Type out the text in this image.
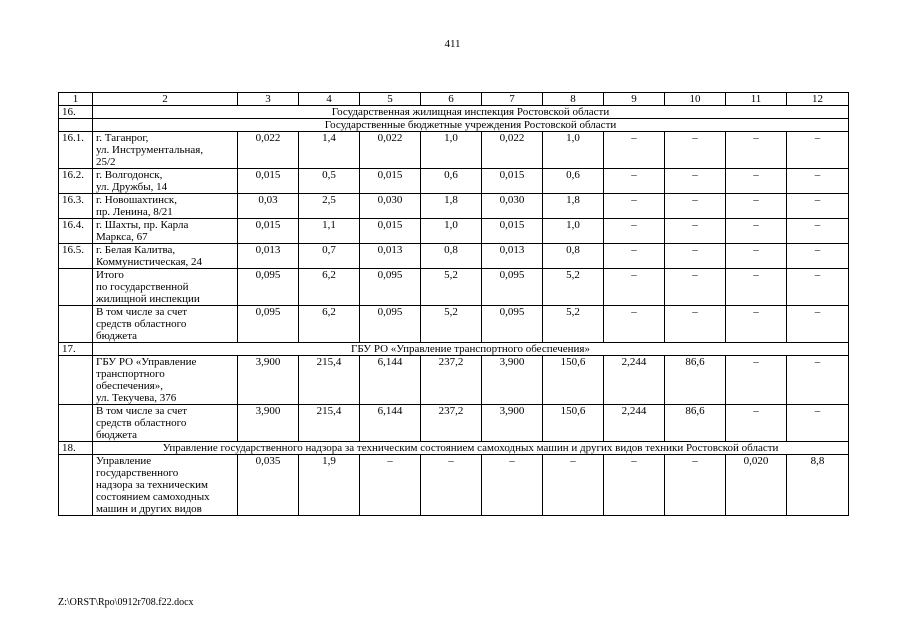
411
1	2	3	4	5	6	7	8	9	10	11	12
16.	Государственная жилищная инспекция Ростовской области										
	Государственные бюджетные учреждения Ростовской области										
16.1.	г. Таганрог,
ул. Инструментальная,
25/2	0,022	1,4	0,022	1,0	0,022	1,0	–	–	–	–
16.2.	г. Волгодонск,
ул. Дружбы, 14	0,015	0,5	0,015	0,6	0,015	0,6	–	–	–	–
16.3.	г. Новошахтинск,
пр. Ленина, 8/21	0,03	2,5	0,030	1,8	0,030	1,8	–	–	–	–
16.4.	г. Шахты, пр. Карла
Маркса, 67	0,015	1,1	0,015	1,0	0,015	1,0	–	–	–	–
16.5.	г. Белая Калитва,
Коммунистическая, 24	0,013	0,7	0,013	0,8	0,013	0,8	–	–	–	–
	Итого
по государственной
жилищной инспекции	0,095	6,2	0,095	5,2	0,095	5,2	–	–	–	–
	В том числе за счет
средств областного
бюджета	0,095	6,2	0,095	5,2	0,095	5,2	–	–	–	–
17.	ГБУ РО «Управление транспортного обеспечения»										
	ГБУ РО «Управление
транспортного
обеспечения»,
ул. Текучева, 376	3,900	215,4	6,144	237,2	3,900	150,6	2,244	86,6	–	–
	В том числе за счет
средств областного
бюджета	3,900	215,4	6,144	237,2	3,900	150,6	2,244	86,6	–	–
18.	Управление государственного надзора за техническим состоянием самоходных машин и других видов техники Ростовской области										
	Управление
государственного
надзора за техническим
состоянием самоходных
машин и других видов	0,035	1,9	–	–	–	–	–	–	0,020	8,8
Z:\ORST\Rpo\0912r708.f22.docx
